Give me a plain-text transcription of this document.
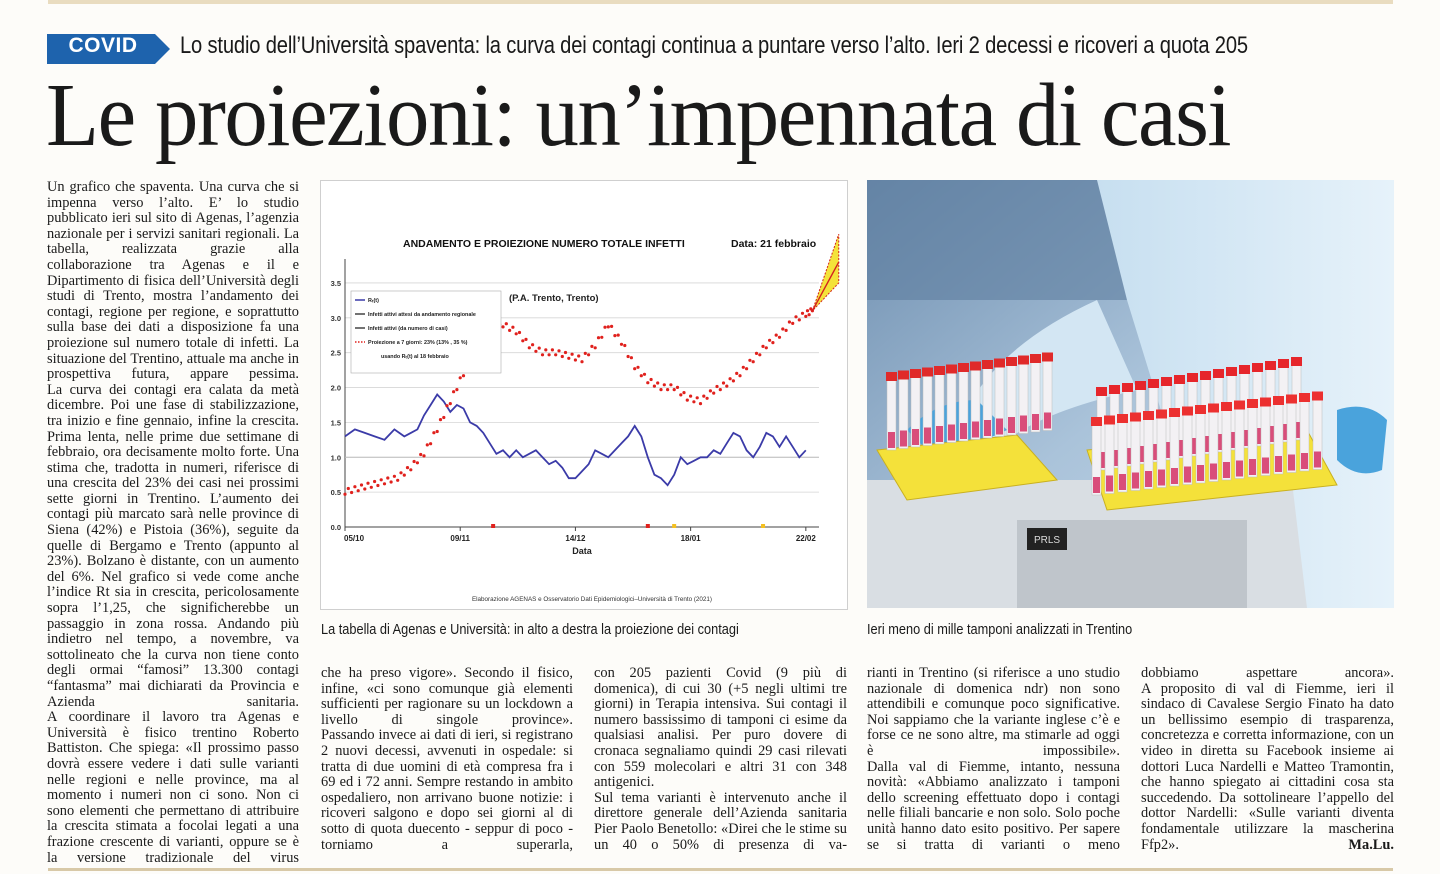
COVID	Lo studio dell’Università spaventa: la curva dei contagi continua a puntare verso l’alto. Ieri 2 decessi e ricoveri a quota 205
Le proiezioni: un’impennata di casi

Un grafico che spaventa. Una curva che si impenna verso l’alto. E’ lo studio pubblicato ieri sul sito di Agenas, l’agenzia nazionale per i servizi sanitari regionali. La tabella, realizzata grazie alla collaborazione tra Agenas e il e Dipartimento di fisica dell’Università degli studi di Trento, mostra l’andamento dei contagi, regione per regione, e soprattutto sulla base dei dati a disposizione fa una proiezione sul numero totale di infetti. La situazione del Trentino, attuale ma anche in prospettiva futura, appare pessima.

La curva dei contagi era calata da metà dicembre. Poi une fase di stabilizzazione, tra inizio e fine gennaio, infine la crescita. Prima lenta, nelle prime due settimane di febbraio, ora decisamente molto forte. Una stima che, tradotta in numeri, riferisce di una crescita del 23% dei casi nei prossimi sette giorni in Trentino. L’aumento dei contagi più marcato sarà nelle province di Siena (42%) e Pistoia (36%), seguite da quelle di Bergamo e Trento (appunto al 23%). Bolzano è distante, con un aumento del 6%. Nel grafico si vede come anche l’indice Rt sia in crescita, pericolosamente sopra l’1,25, che significherebbe un passaggio in zona rossa. Andando più indietro nel tempo, a novembre, va sottolineato che la curva non tiene conto degli ormai “famosi” 13.300 contagi “fantasma” mai dichiarati da Provincia e Azienda sanitaria.

A coordinare il lavoro tra Agenas e Università è fisico trentino Roberto Battiston. Che spiega: «Il prossimo passo dovrà essere vedere i dati sulle varianti nelle regioni e nelle province, ma al momento i numeri non ci sono. Non ci sono elementi che permettano di attribuire la crescita stimata a focolai legati a una frazione crescente di varianti, oppure se è la versione tradizionale del virus

ANDAMENTO E PROIEZIONE NUMERO TOTALE INFETTI	Data: 21 febbraio
0.0
0.5
1.0
1.5
2.0
2.5
3.0
3.5
05/10	09/11	14/12	18/01	22/02
Data
(P.A. Trento, Trento)
Rₜ(t)
Infetti attivi attesi da andamento regionale
Infetti attivi (da numero di casi)
Proiezione a 7 giorni: 23% (13% , 35 %)
usando Rₜ(t) al 18 febbraio
Elaborazione AGENAS e Osservatorio Dati Epidemiologici–Università di Trento (2021)
La tabella di Agenas e Università: in alto a destra la proiezione dei contagi
PRLS
Ieri meno di mille tamponi analizzati in Trentino

che ha preso vigore». Secondo il fisico, infine, «ci sono comunque già elementi sufficienti per ragionare su un lockdown a livello di singole province».

Passando invece ai dati di ieri, si registrano 2 nuovi decessi, avvenuti in ospedale: si tratta di due uomini di età compresa fra i 69 ed i 72 anni. Sempre restando in ambito ospedaliero, non arrivano buone notizie: i ricoveri salgono e dopo sei giorni al di sotto di quota duecento - seppur di poco - torniamo a superarla,

con 205 pazienti Covid (9 più di domenica), di cui 30 (+5 negli ultimi tre giorni) in Terapia intensiva. Sui contagi il numero bassissimo di tamponi ci esime da qualsiasi analisi. Per puro dovere di cronaca segnaliamo quindi 29 casi rilevati con 559 molecolari e altri 31 con 348 antigenici.

Sul tema varianti è intervenuto anche il direttore generale dell’Azienda sanitaria Pier Paolo Benetollo: «Direi che le stime su un 40 o 50% di presenza di va-

rianti in Trentino (si riferisce a uno studio nazionale di domenica ndr) non sono attendibili e comunque poco significative. Noi sappiamo che la variante inglese c’è e forse ce ne sono altre, ma stimarle ad oggi è impossibile».

Dalla val di Fiemme, intanto, nessuna novità: «Abbiamo analizzato i tamponi dello screening effettuato dopo i contagi nelle filiali bancarie e non solo. Solo poche unità hanno dato esito positivo. Per sapere se si tratta di varianti o meno

dobbiamo aspettare ancora».

A proposito di val di Fiemme, ieri il sindaco di Cavalese Sergio Finato ha dato un bellissimo esempio di trasparenza, concretezza e corretta informazione, con un video in diretta su Facebook insieme ai dottori Luca Nardelli e Matteo Tramontin, che hanno spiegato ai cittadini cosa sta succedendo. Da sottolineare l’appello del dottor Nardelli: «Sulle varianti diventa fondamentale utilizzare la mascherina Ffp2».	Ma.Lu.
